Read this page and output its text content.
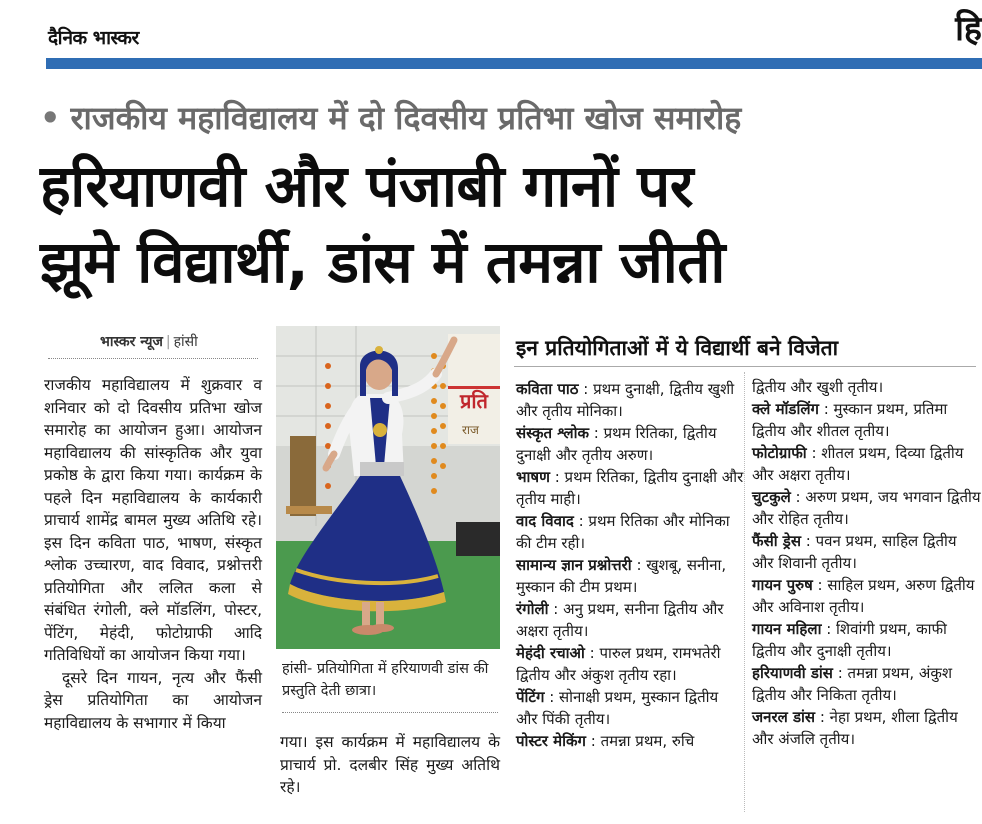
दैनिक भास्कर	हि
• राजकीय महाविद्यालय में दो दिवसीय प्रतिभा खोज समारोह
हरियाणवी और पंजाबी गानों पर
झूमे विद्यार्थी, डांस में तमन्ना जीती
भास्कर न्यूज | हांसी

राजकीय महाविद्यालय में शुक्रवार व शनिवार को दो दिवसीय प्रतिभा खोज समारोह का आयोजन हुआ। आयोजन महाविद्यालय की सांस्कृतिक और युवा प्रकोष्ठ के द्वारा किया गया। कार्यक्रम के पहले दिन महाविद्यालय के कार्यकारी प्राचार्य शामेंद्र बामल मुख्य अतिथि रहे। इस दिन कविता पाठ, भाषण, संस्कृत श्लोक उच्चारण, वाद विवाद, प्रश्नोत्तरी प्रतियोगिता और ललित कला से संबंधित रंगोली, क्ले मॉडलिंग, पोस्टर, पेंटिंग, मेहंदी, फोटोग्राफी आदि गतिविधियों का आयोजन किया गया।

दूसरे दिन गायन, नृत्य और फैंसी ड्रेस प्रतियोगिता का आयोजन महाविद्यालय के सभागार में किया

प्रति
राज
हांसी- प्रतियोगिता में हरियाणवी डांस की प्रस्तुति देती छात्रा।

गया। इस कार्यक्रम में महाविद्यालय के प्राचार्य प्रो. दलबीर सिंह मुख्य अतिथि रहे।

इन प्रतियोगिताओं में ये विद्यार्थी बने विजेता

कविता पाठ : प्रथम दुनाक्षी, द्वितीय खुशी और तृतीय मोनिका।

संस्कृत श्लोक : प्रथम रितिका, द्वितीय दुनाक्षी और तृतीय अरुण।

भाषण : प्रथम रितिका, द्वितीय दुनाक्षी और तृतीय माही।

वाद विवाद : प्रथम रितिका और मोनिका की टीम रही।

सामान्य ज्ञान प्रश्नोत्तरी : खुशबू, सनीना, मुस्कान की टीम प्रथम।

रंगोली : अनु प्रथम, सनीना द्वितीय और अक्षरा तृतीय।

मेहंदी रचाओ : पारुल प्रथम, रामभतेरी द्वितीय और अंकुश तृतीय रहा।

पेंटिंग : सोनाक्षी प्रथम, मुस्कान द्वितीय और पिंकी तृतीय।

पोस्टर मेकिंग : तमन्ना प्रथम, रुचि

द्वितीय और खुशी तृतीय।

क्ले मॉडलिंग : मुस्कान प्रथम, प्रतिमा द्वितीय और शीतल तृतीय।

फोटोग्राफी : शीतल प्रथम, दिव्या द्वितीय और अक्षरा तृतीय।

चुटकुले : अरुण प्रथम, जय भगवान द्वितीय और रोहित तृतीय।

फैंसी ड्रेस : पवन प्रथम, साहिल द्वितीय और शिवानी तृतीय।

गायन पुरुष : साहिल प्रथम, अरुण द्वितीय और अविनाश तृतीय।

गायन महिला : शिवांगी प्रथम, काफी द्वितीय और दुनाक्षी तृतीय।

हरियाणवी डांस : तमन्ना प्रथम, अंकुश द्वितीय और निकिता तृतीय।

जनरल डांस : नेहा प्रथम, शीला द्वितीय और अंजलि तृतीय।
